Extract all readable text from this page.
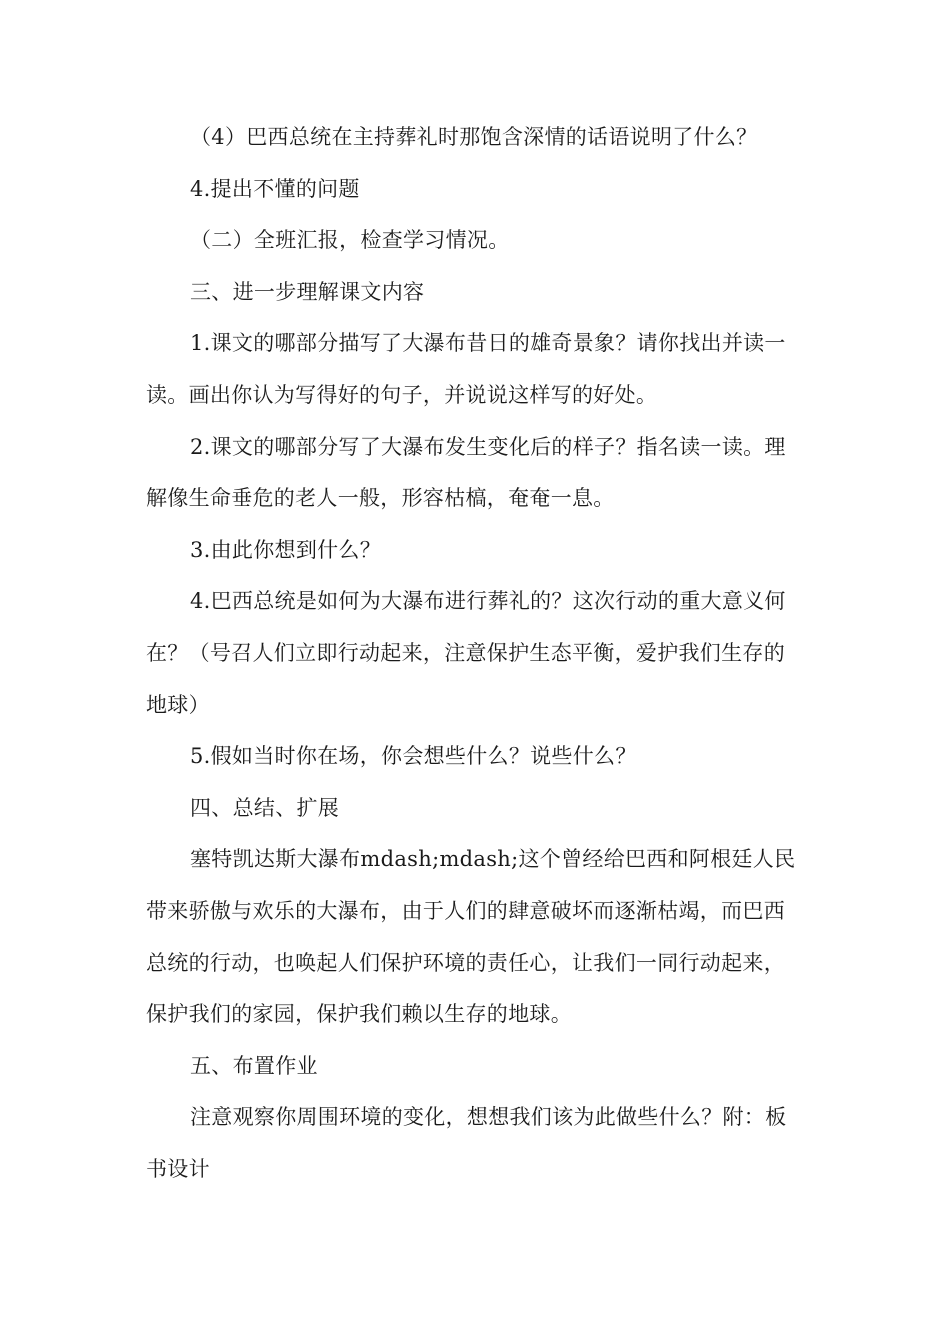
（4）巴西总统在主持葬礼时那饱含深情的话语说明了什么？

4.提出不懂的问题

（二）全班汇报，检查学习情况。

三、进一步理解课文内容

1.课文的哪部分描写了大瀑布昔日的雄奇景象？请你找出并读一读。画出你认为写得好的句子，并说说这样写的好处。

2.课文的哪部分写了大瀑布发生变化后的样子？指名读一读。理解像生命垂危的老人一般，形容枯槁，奄奄一息。

3.由此你想到什么？

4.巴西总统是如何为大瀑布进行葬礼的？这次行动的重大意义何在？（号召人们立即行动起来，注意保护生态平衡，爱护我们生存的地球）

5.假如当时你在场，你会想些什么？说些什么？

四、总结、扩展

塞特凯达斯大瀑布mdash;mdash;这个曾经给巴西和阿根廷人民带来骄傲与欢乐的大瀑布，由于人们的肆意破坏而逐渐枯竭，而巴西总统的行动，也唤起人们保护环境的责任心，让我们一同行动起来，保护我们的家园，保护我们赖以生存的地球。

五、布置作业

注意观察你周围环境的变化，想想我们该为此做些什么？附：板书设计
